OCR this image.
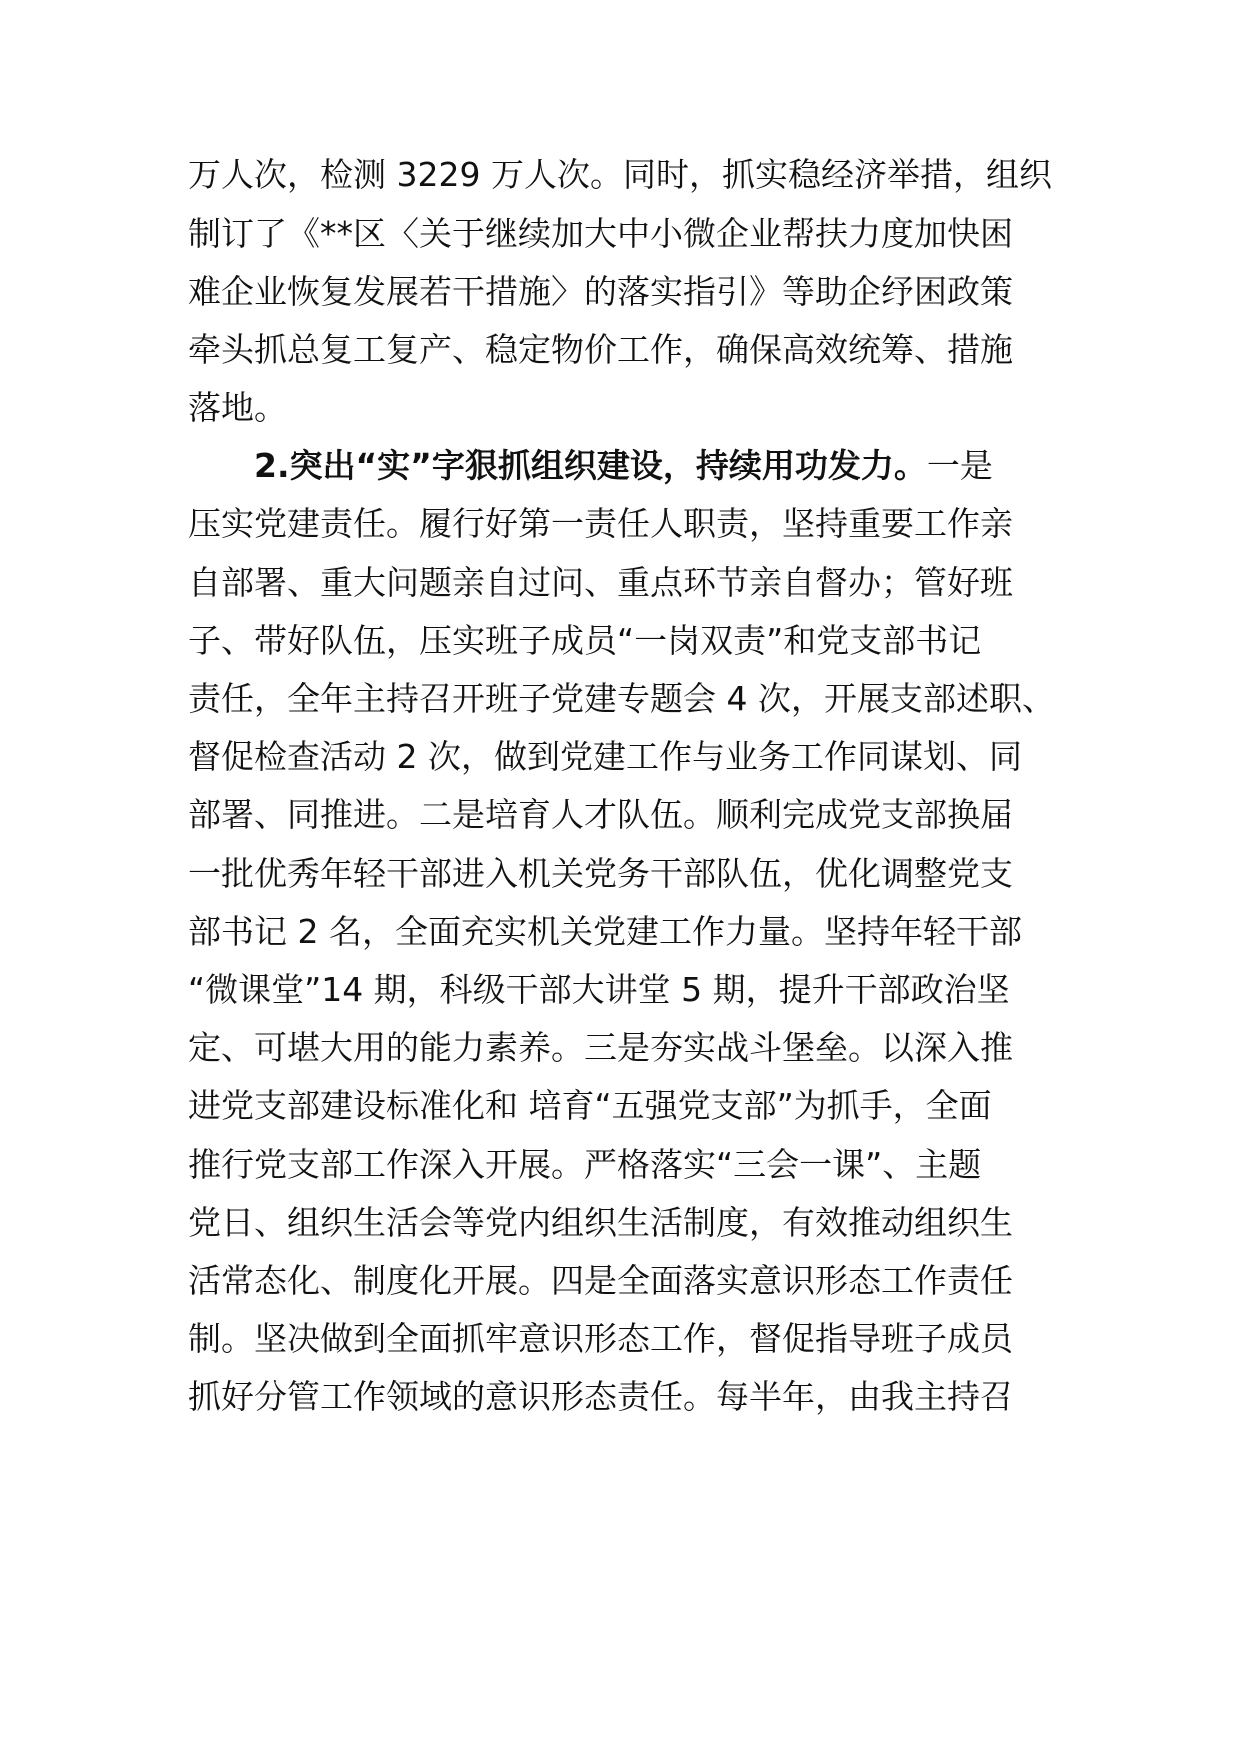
万人次，检测 3229 万人次。同时，抓实稳经济举措，组织
制订了《**区〈关于继续加大中小微企业帮扶力度加快困
难企业恢复发展若干措施〉的落实指引》等助企纾困政策
牵头抓总复工复产、稳定物价工作，确保高效统筹、措施
落地。
2.突出“实”字狠抓组织建设，持续用功发力。一是
压实党建责任。履行好第一责任人职责，坚持重要工作亲
自部署、重大问题亲自过问、重点环节亲自督办；管好班
子、带好队伍，压实班子成员“一岗双责”和党支部书记
责任，全年主持召开班子党建专题会 4 次，开展支部述职、
督促检查活动 2 次，做到党建工作与业务工作同谋划、同
部署、同推进。二是培育人才队伍。顺利完成党支部换届
一批优秀年轻干部进入机关党务干部队伍，优化调整党支
部书记 2 名，全面充实机关党建工作力量。坚持年轻干部
“微课堂”14 期，科级干部大讲堂 5 期，提升干部政治坚
定、可堪大用的能力素养。三是夯实战斗堡垒。以深入推
进党支部建设标准化和 培育“五强党支部”为抓手，全面
推行党支部工作深入开展。严格落实“三会一课”、主题
党日、组织生活会等党内组织生活制度，有效推动组织生
活常态化、制度化开展。四是全面落实意识形态工作责任
制。坚决做到全面抓牢意识形态工作，督促指导班子成员
抓好分管工作领域的意识形态责任。每半年，由我主持召
